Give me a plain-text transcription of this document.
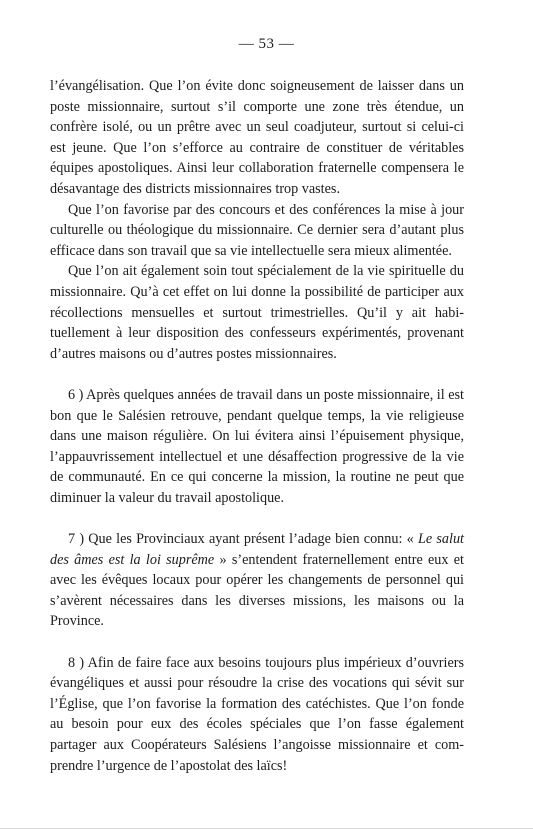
— 53 —

l’évangélisation. Que l’on évite donc soigneusement de laisser dans un poste missionnaire, surtout s’il comporte une zone très étendue, un confrère isolé, ou un prêtre avec un seul coadjuteur, surtout si celui-ci est jeune. Que l’on s’efforce au contraire de constituer de véritables équipes apostoliques. Ainsi leur collaboration fraternelle compensera le désavantage des districts missionnaires trop vastes.

Que l’on favorise par des concours et des conférences la mise à jour culturelle ou théologique du missionnaire. Ce dernier sera d’autant plus efficace dans son travail que sa vie intellectuelle sera mieux alimentée.

Que l’on ait également soin tout spécialement de la vie spirituelle du missionnaire. Qu’à cet effet on lui donne la possibilité de participer aux récollections mensuelles et surtout trimestrielles. Qu’il y ait habituellement à leur disposition des confesseurs expérimentés, provenant d’autres maisons ou d’autres postes missionnaires.

6 ) Après quelques années de travail dans un poste missionnaire, il est bon que le Salésien retrouve, pendant quelque temps, la vie religieuse dans une maison régulière. On lui évitera ainsi l’épuisement physique, l’appauvrissement intellectuel et une désaffection progressive de la vie de communauté. En ce qui concerne la mission, la routine ne peut que diminuer la valeur du travail apostolique.

7 ) Que les Provinciaux ayant présent l’adage bien connu: « Le salut des âmes est la loi suprême » s’entendent fraternellement entre eux et avec les évêques locaux pour opérer les changements de personnel qui s’avèrent nécessaires dans les diverses missions, les maisons ou la Province.

8 ) Afin de faire face aux besoins toujours plus impérieux d’ouvriers évangéliques et aussi pour résoudre la crise des vocations qui sévit sur l’Église, que l’on favorise la formation des catéchistes. Que l’on fonde au besoin pour eux des écoles spéciales que l’on fasse également partager aux Coopérateurs Salésiens l’angoisse missionnaire et comprendre l’urgence de l’apostolat des laïcs!
